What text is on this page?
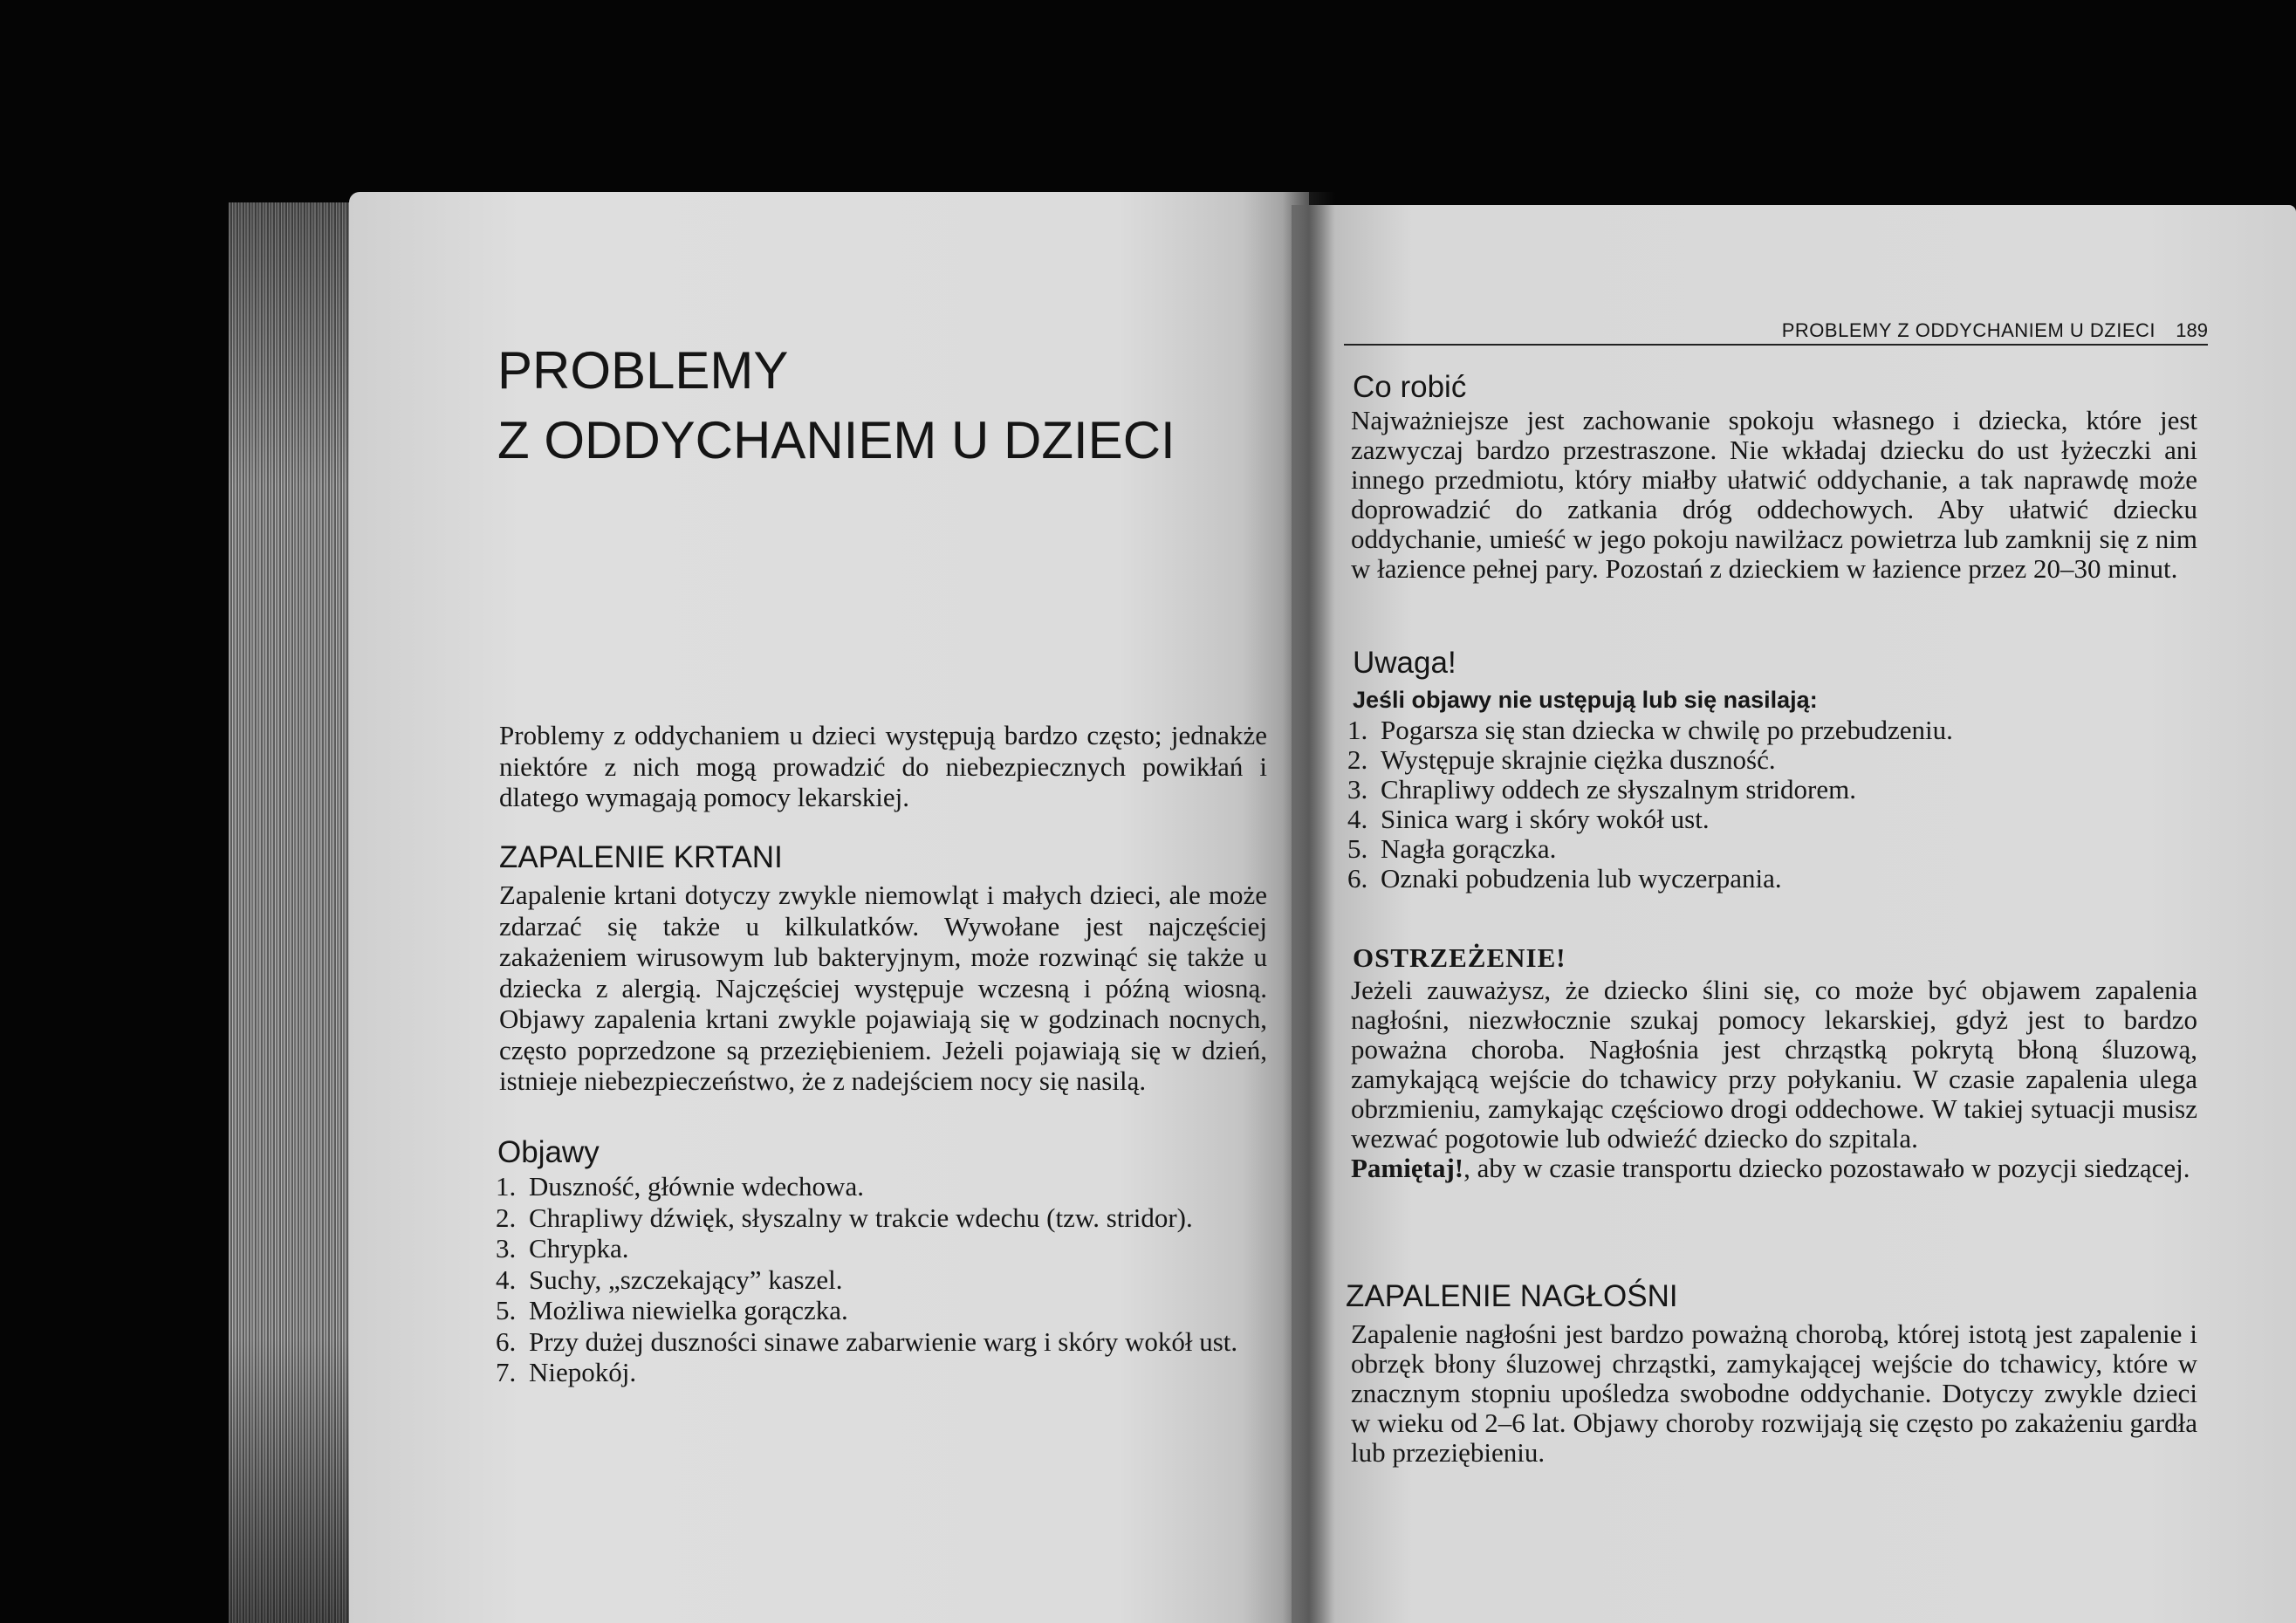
PROBLEMY
Z ODDYCHANIEM U DZIECI

Problemy z oddychaniem u dzieci występują bardzo często; jednakże niektóre z nich mogą prowadzić do niebezpiecznych powikłań i dlatego wymagają pomocy lekarskiej.

ZAPALENIE KRTANI

Zapalenie krtani dotyczy zwykle niemowląt i małych dzieci, ale może zdarzać się także u kilkulatków. Wywołane jest najczęściej zakażeniem wirusowym lub bakteryjnym, może rozwinąć się także u dziecka z alergią. Najczęściej występuje wczesną i późną wiosną. Objawy zapalenia krtani zwykle pojawiają się w godzinach nocnych, często poprzedzone są przeziębieniem. Jeżeli pojawiają się w dzień, istnieje niebezpieczeństwo, że z nadejściem nocy się nasilą.

Objawy
1. Duszność, głównie wdechowa.
2. Chrapliwy dźwięk, słyszalny w trakcie wdechu (tzw. stridor).
3. Chrypka.
4. Suchy, „szczekający” kaszel.
5. Możliwa niewielka gorączka.
6. Przy dużej duszności sinawe zabarwienie warg i skóry wokół ust.
7. Niepokój.
PROBLEMY Z ODDYCHANIEM U DZIECI 189
Co robić

Najważniejsze jest zachowanie spokoju własnego i dziecka, które jest zazwyczaj bardzo przestraszone. Nie wkładaj dziecku do ust łyżeczki ani innego przedmiotu, który miałby ułatwić oddychanie, a tak naprawdę może doprowadzić do zatkania dróg oddechowych. Aby ułatwić dziecku oddychanie, umieść w jego pokoju nawilżacz powietrza lub zamknij się z nim w łazience pełnej pary. Pozostań z dzieckiem w łazience przez 20–30 minut.

Uwaga!
Jeśli objawy nie ustępują lub się nasilają:
1. Pogarsza się stan dziecka w chwilę po przebudzeniu.
2. Występuje skrajnie ciężka duszność.
3. Chrapliwy oddech ze słyszalnym stridorem.
4. Sinica warg i skóry wokół ust.
5. Nagła gorączka.
6. Oznaki pobudzenia lub wyczerpania.
OSTRZEŻENIE!
Jeżeli zauważysz, że dziecko ślini się, co może być objawem zapalenia nagłośni, niezwłocznie szukaj pomocy lekarskiej, gdyż jest to bardzo poważna choroba. Nagłośnia jest chrząstką pokrytą błoną śluzową, zamykającą wejście do tchawicy przy połykaniu. W czasie zapalenia ulega obrzmieniu, zamykając częściowo drogi oddechowe. W takiej sytuacji musisz wezwać pogotowie lub odwieźć dziecko do szpitala.
Pamiętaj!, aby w czasie transportu dziecko pozostawało w pozycji siedzącej.
ZAPALENIE NAGŁOŚNI

Zapalenie nagłośni jest bardzo poważną chorobą, której istotą jest zapalenie i obrzęk błony śluzowej chrząstki, zamykającej wejście do tchawicy, które w znacznym stopniu upośledza swobodne oddychanie. Dotyczy zwykle dzieci w wieku od 2–6 lat. Objawy choroby rozwijają się często po zakażeniu gardła lub przeziębieniu.
